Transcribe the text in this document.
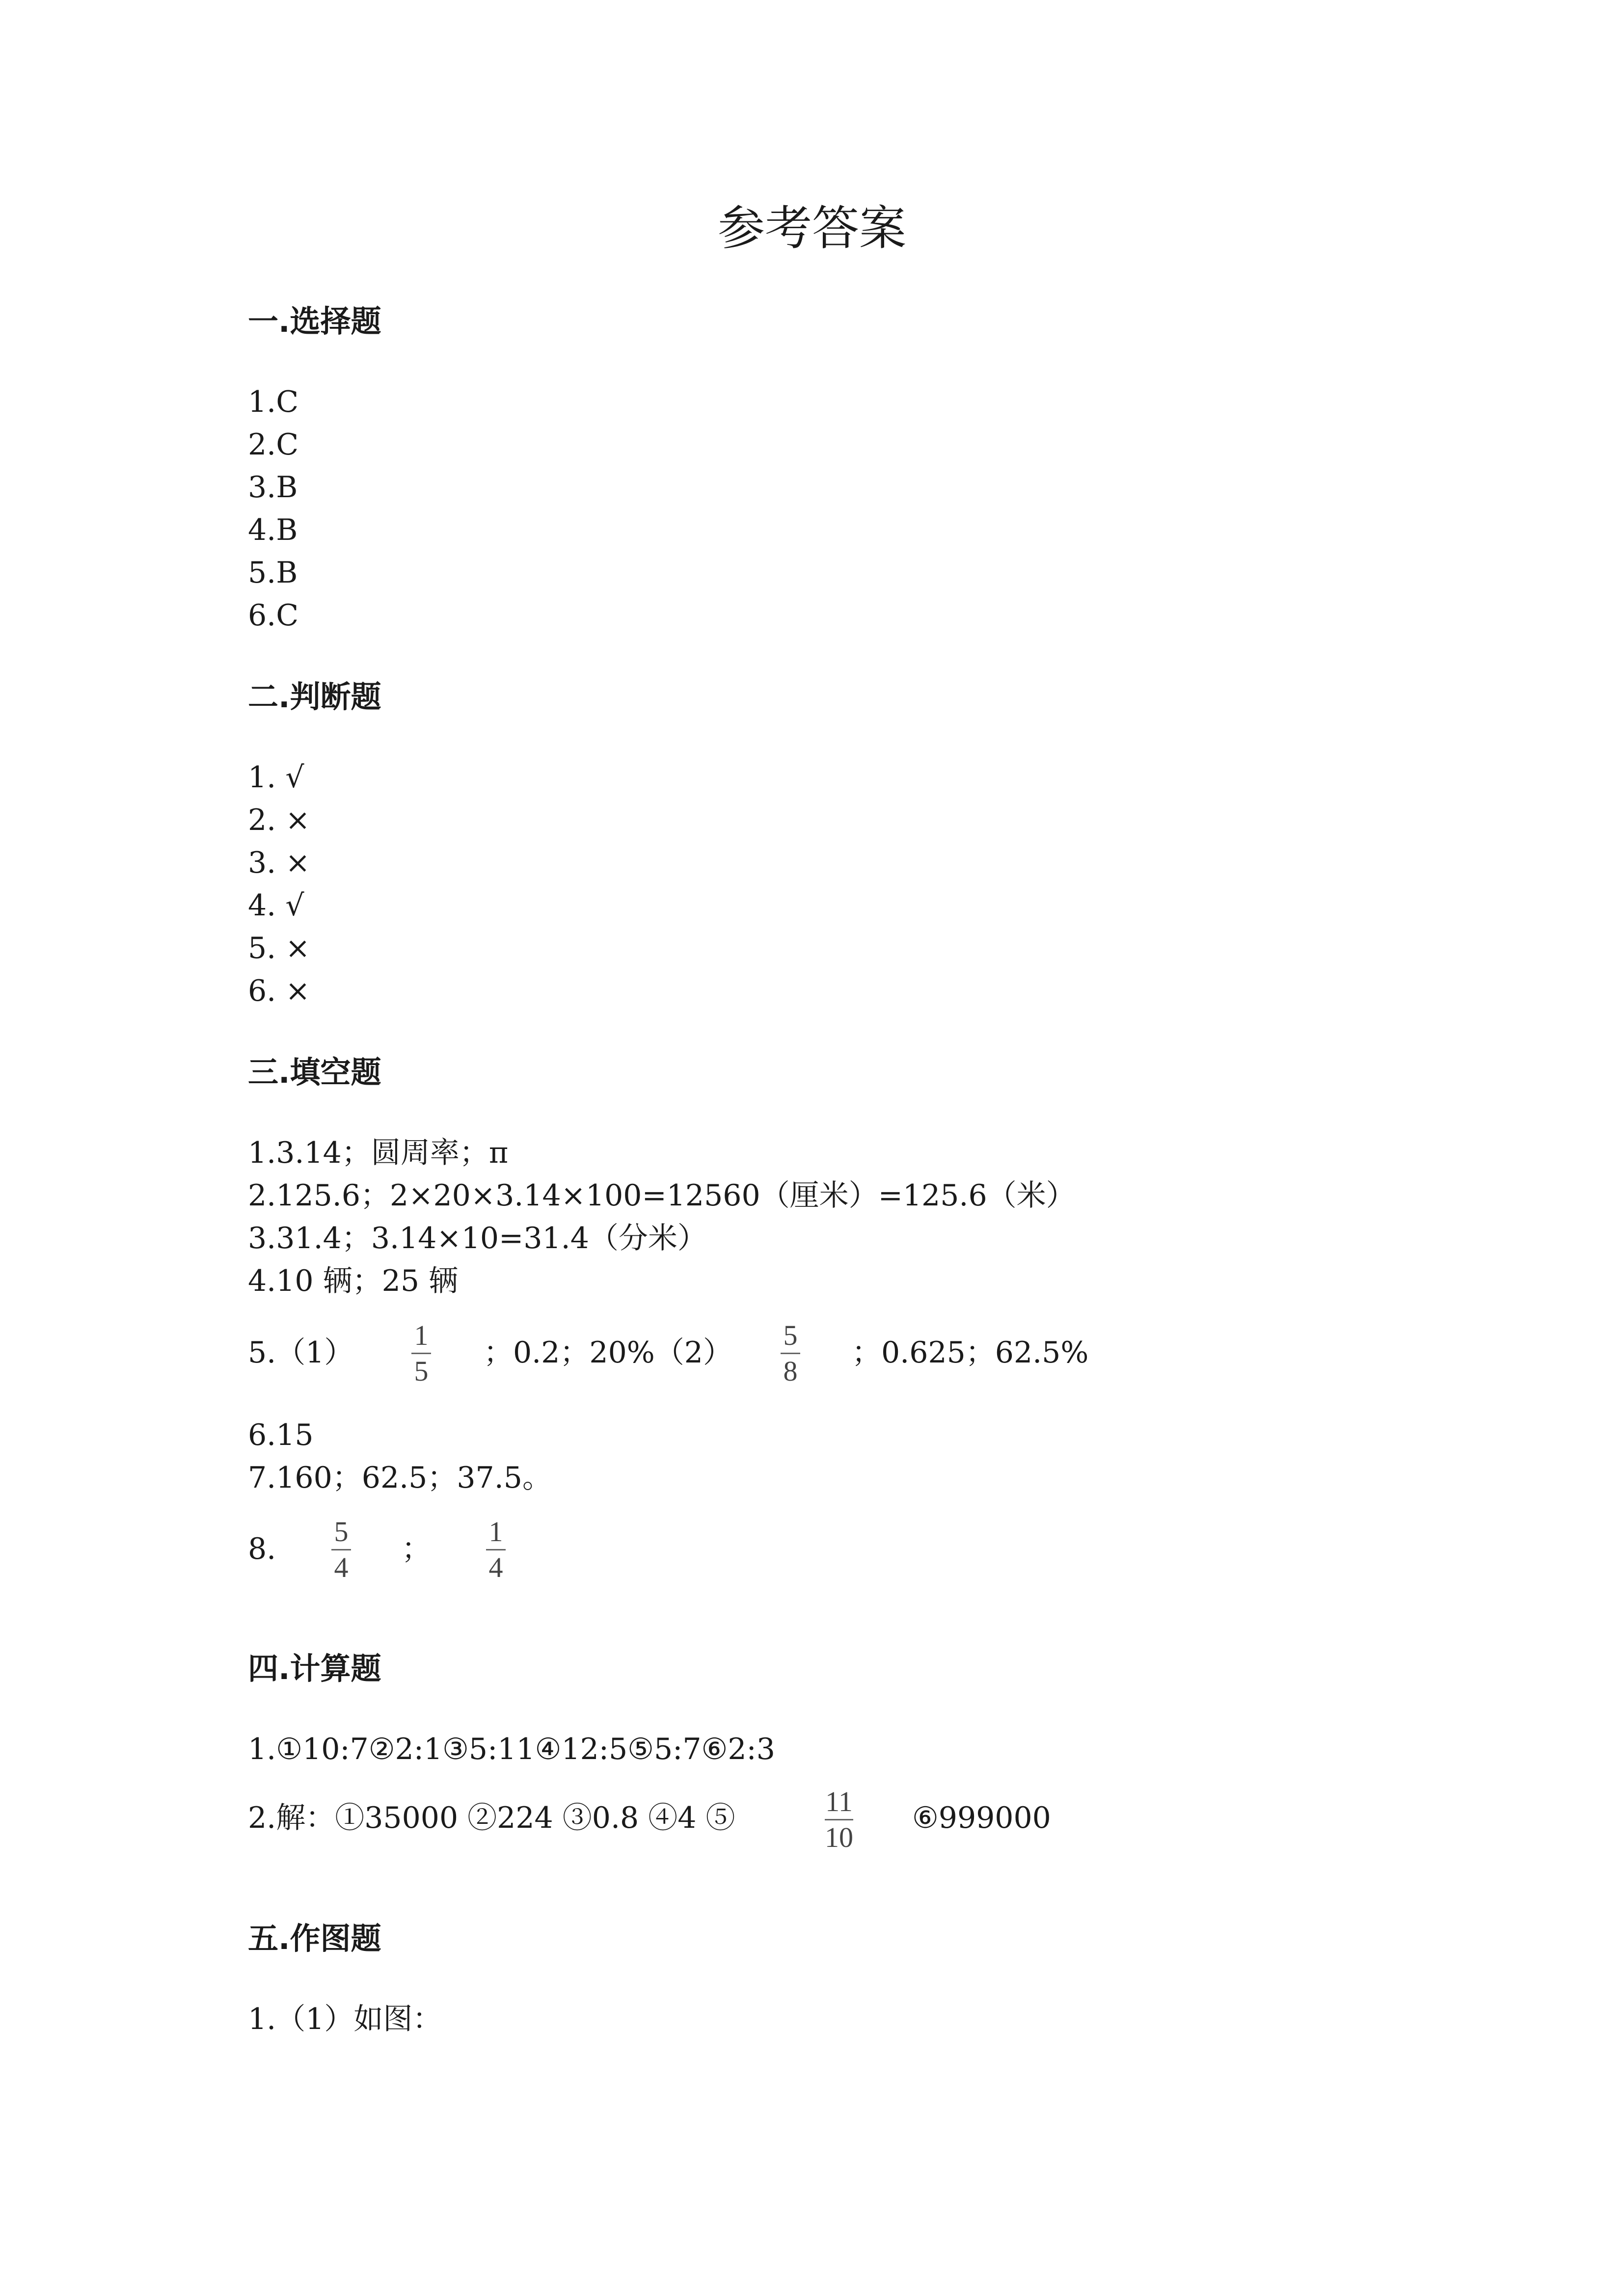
参考答案
一.选择题
1.C
2.C
3.B
4.B
5.B
6.C
二.判断题
1. √
2. ×
3. ×
4. √
5. ×
6. ×
三.填空题
1.3.14；圆周率；π
2.125.6；2×20×3.14×100=12560（厘米）=125.6（米）
3.31.4；3.14×10=31.4（分米）
4.10 辆；25 辆
5.（1）
1
5
；0.2；20%（2）
5
8
；0.625；62.5%
6.15
7.160；62.5；37.5。
8.
5
4
；
1
4
四.计算题
1.①10:7②2:1③5:11④12:5⑤5:7⑥2:3
2.解：①35000 ②224 ③0.8 ④4 ⑤	11
10
⑥999000
五.作图题
1.（1）如图：
